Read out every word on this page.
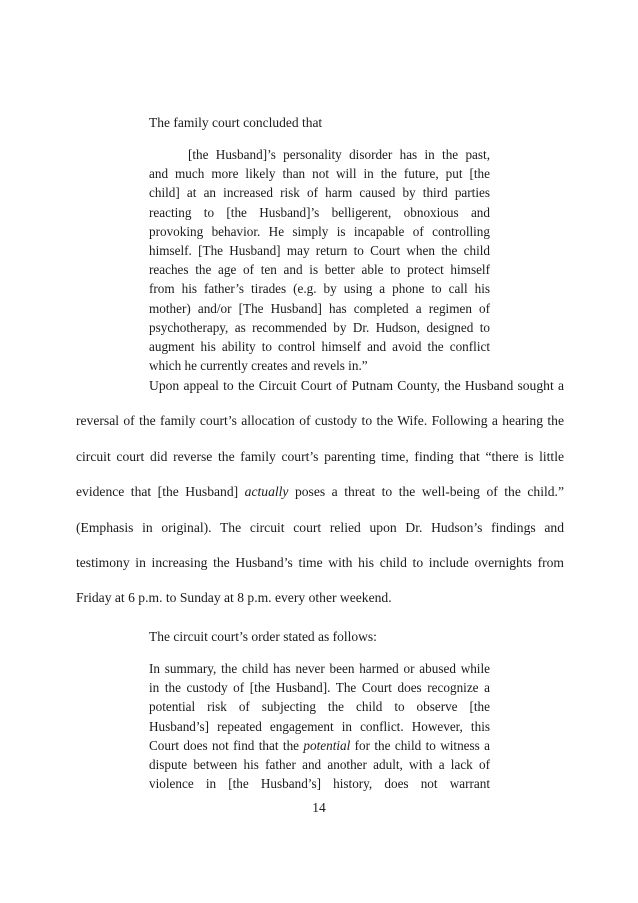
The family court concluded that
[the Husband]’s personality disorder has in the past,
and much more likely than not will in the future, put [the
child] at an increased risk of harm caused by third parties
reacting to [the Husband]’s belligerent, obnoxious and
provoking behavior. He simply is incapable of controlling
himself. [The Husband] may return to Court when the child
reaches the age of ten and is better able to protect himself
from his father’s tirades (e.g. by using a phone to call his
mother) and/or [The Husband] has completed a regimen of
psychotherapy, as recommended by Dr. Hudson, designed to
augment his ability to control himself and avoid the conflict
which he currently creates and revels in.”
Upon appeal to the Circuit Court of Putnam County, the Husband sought a
reversal of the family court’s allocation of custody to the Wife. Following a hearing the
circuit court did reverse the family court’s parenting time, finding that “there is little
evidence that [the Husband] actually poses a threat to the well-being of the child.”
(Emphasis in original). The circuit court relied upon Dr. Hudson’s findings and
testimony in increasing the Husband’s time with his child to include overnights from
Friday at 6 p.m. to Sunday at 8 p.m. every other weekend.
The circuit court’s order stated as follows:
In summary, the child has never been harmed or abused while
in the custody of [the Husband]. The Court does recognize a
potential risk of subjecting the child to observe [the
Husband’s] repeated engagement in conflict. However, this
Court does not find that the potential for the child to witness a
dispute between his father and another adult, with a lack of
violence in [the Husband’s] history, does not warrant
14
